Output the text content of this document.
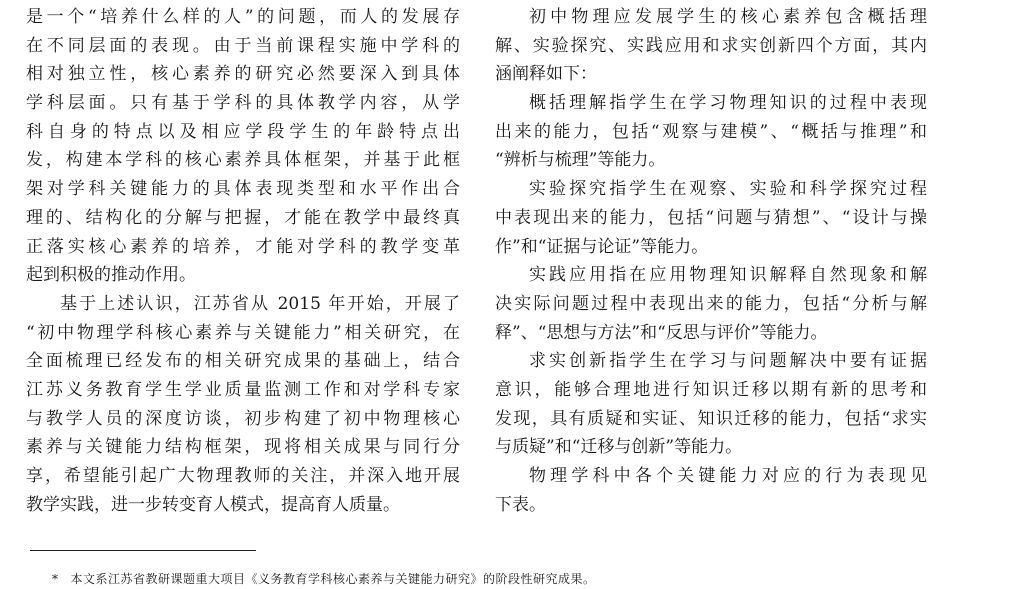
是一个“培养什么样的人”的问题，而人的发展存
在不同层面的表现。由于当前课程实施中学科的
相对独立性，核心素养的研究必然要深入到具体
学科层面。只有基于学科的具体教学内容，从学
科自身的特点以及相应学段学生的年龄特点出
发，构建本学科的核心素养具体框架，并基于此框
架对学科关键能力的具体表现类型和水平作出合
理的、结构化的分解与把握，才能在教学中最终真
正落实核心素养的培养，才能对学科的教学变革
起到积极的推动作用。
基于上述认识，江苏省从 2015 年开始，开展了
“初中物理学科核心素养与关键能力”相关研究，在
全面梳理已经发布的相关研究成果的基础上，结合
江苏义务教育学生学业质量监测工作和对学科专家
与教学人员的深度访谈，初步构建了初中物理核心
素养与关键能力结构框架，现将相关成果与同行分
享，希望能引起广大物理教师的关注，并深入地开展
教学实践，进一步转变育人模式，提高育人质量。
初中物理应发展学生的核心素养包含概括理
解、实验探究、实践应用和求实创新四个方面，其内
涵阐释如下：
概括理解指学生在学习物理知识的过程中表现
出来的能力，包括“观察与建模”、“概括与推理”和
“辨析与梳理”等能力。
实验探究指学生在观察、实验和科学探究过程
中表现出来的能力，包括“问题与猜想”、“设计与操
作”和“证据与论证”等能力。
实践应用指在应用物理知识解释自然现象和解
决实际问题过程中表现出来的能力，包括“分析与解
释”、“思想与方法”和“反思与评价”等能力。
求实创新指学生在学习与问题解决中要有证据
意识，能够合理地进行知识迁移以期有新的思考和
发现，具有质疑和实证、知识迁移的能力，包括“求实
与质疑”和“迁移与创新”等能力。
物理学科中各个关键能力对应的行为表现见
下表。
* 本文系江苏省教研课题重大项目《义务教育学科核心素养与关键能力研究》的阶段性研究成果。
